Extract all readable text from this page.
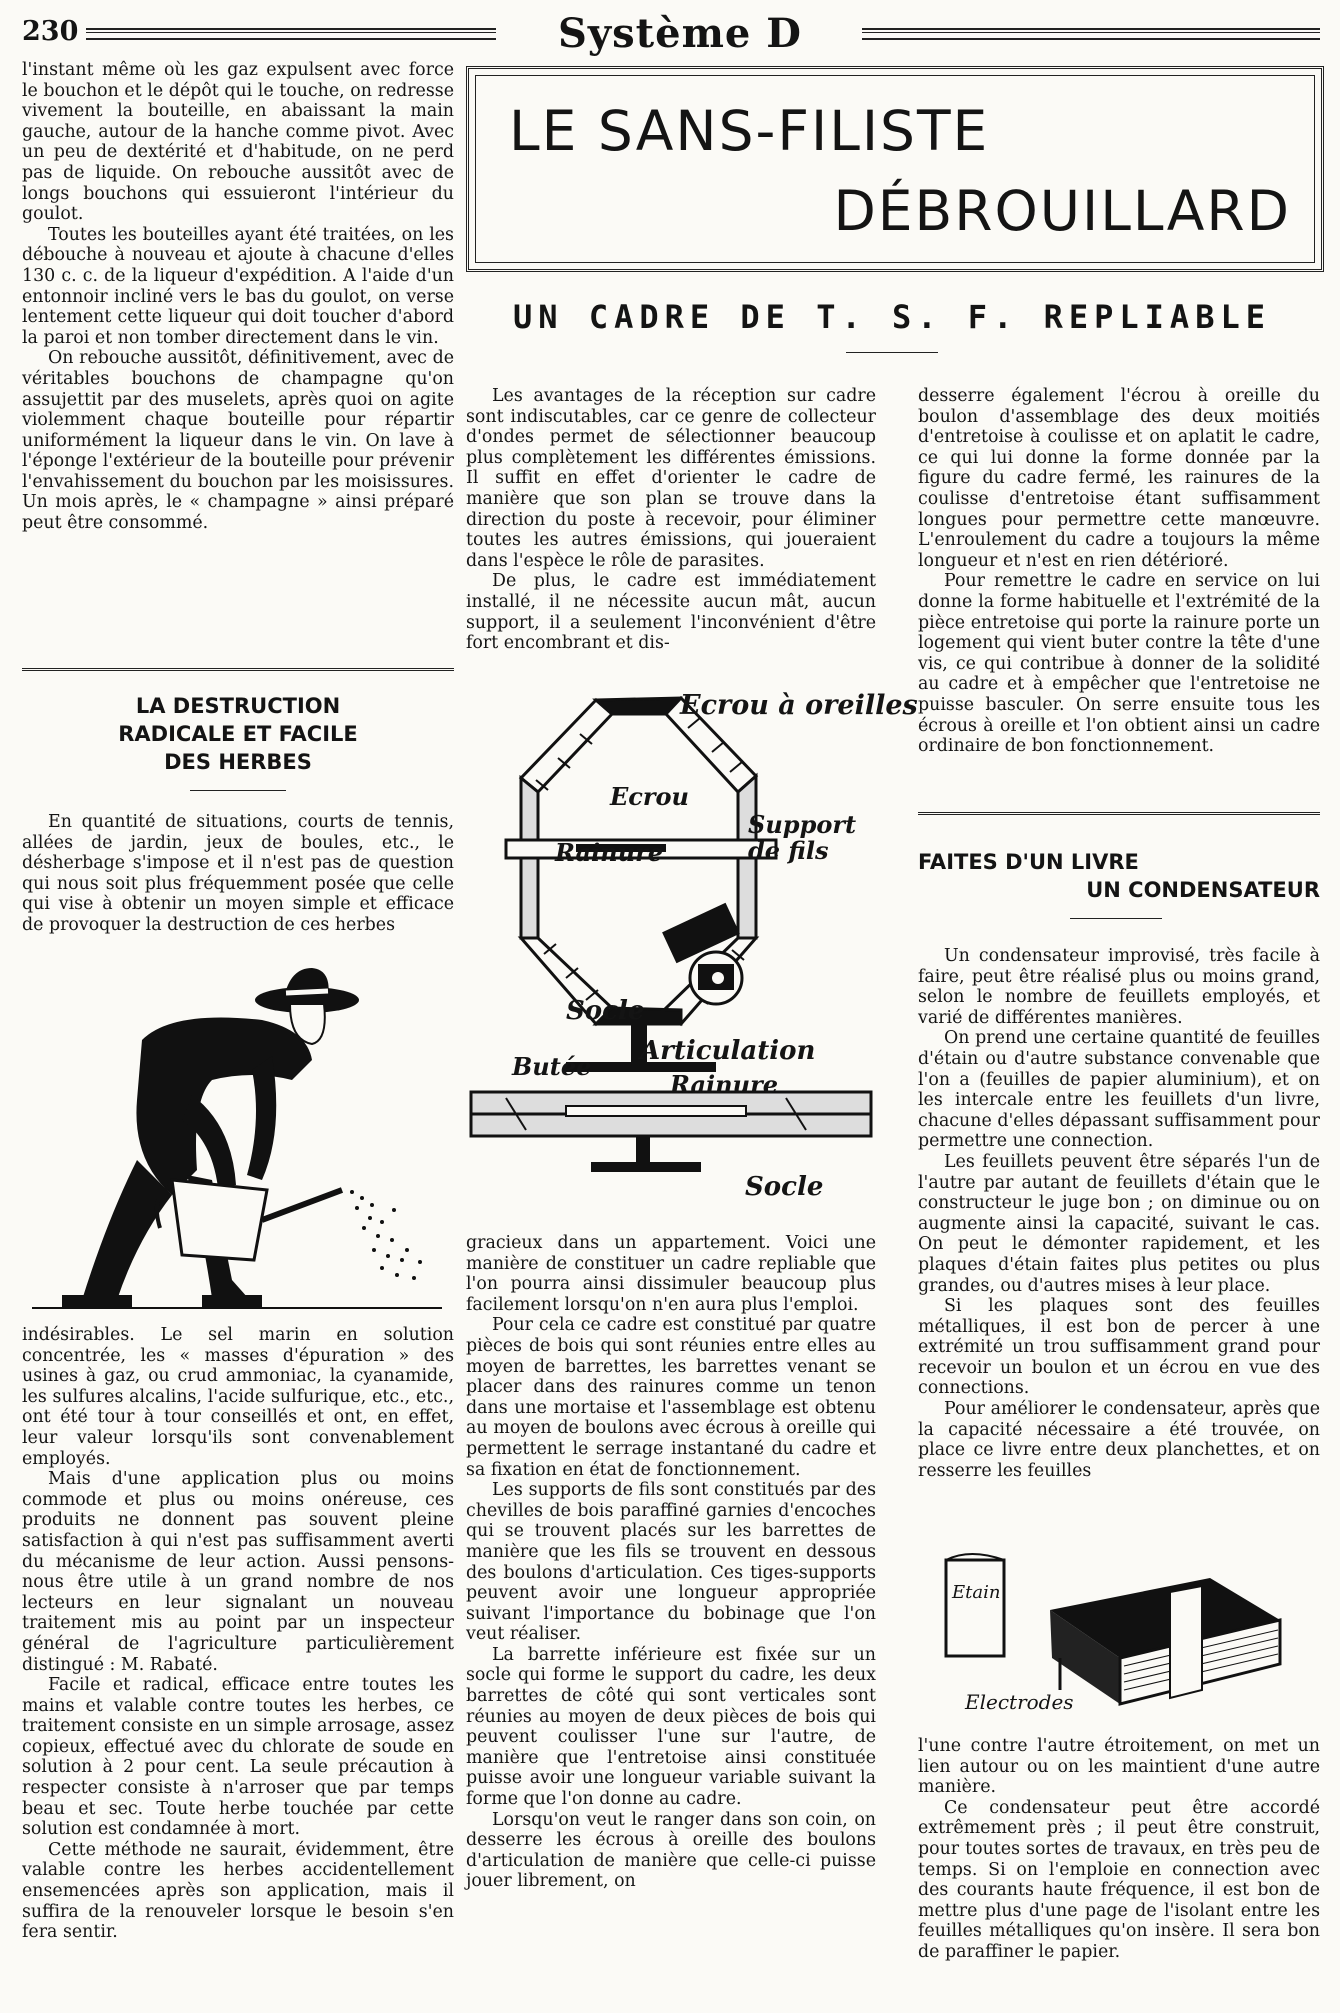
230	Système D

l'instant même où les gaz expulsent avec force le bouchon et le dépôt qui le touche, on redresse vivement la bouteille, en abaissant la main gauche, autour de la hanche comme pivot. Avec un peu de dextérité et d'habitude, on ne perd pas de liquide. On rebouche aussitôt avec de longs bouchons qui essuieront l'intérieur du goulot.

Toutes les bouteilles ayant été traitées, on les débouche à nouveau et ajoute à chacune d'elles 130 c. c. de la liqueur d'expédition. A l'aide d'un entonnoir incliné vers le bas du goulot, on verse lentement cette liqueur qui doit toucher d'abord la paroi et non tomber directement dans le vin.

On rebouche aussitôt, définitivement, avec de véritables bouchons de champagne qu'on assujettit par des muselets, après quoi on agite violemment chaque bouteille pour répartir uniformément la liqueur dans le vin. On lave à l'éponge l'extérieur de la bouteille pour prévenir l'envahissement du bouchon par les moisissures. Un mois après, le « champagne » ainsi préparé peut être consommé.

LA DESTRUCTION
RADICALE ET FACILE
DES HERBES

En quantité de situations, courts de tennis, allées de jardin, jeux de boules, etc., le désherbage s'impose et il n'est pas de question qui nous soit plus fréquemment posée que celle qui vise à obtenir un moyen simple et efficace de provoquer la destruction de ces herbes

indésirables. Le sel marin en solution concentrée, les « masses d'épuration » des usines à gaz, ou crud ammoniac, la cyanamide, les sulfures alcalins, l'acide sulfurique, etc., etc., ont été tour à tour conseillés et ont, en effet, leur valeur lorsqu'ils sont convenablement employés.

Mais d'une application plus ou moins commode et plus ou moins onéreuse, ces produits ne donnent pas souvent pleine satisfaction à qui n'est pas suffisamment averti du mécanisme de leur action. Aussi pensons-nous être utile à un grand nombre de nos lecteurs en leur signalant un nouveau traitement mis au point par un inspecteur général de l'agriculture particulièrement distingué : M. Rabaté.

Facile et radical, efficace entre toutes les mains et valable contre toutes les herbes, ce traitement consiste en un simple arrosage, assez copieux, effectué avec du chlorate de soude en solution à 2 pour cent. La seule précaution à respecter consiste à n'arroser que par temps beau et sec. Toute herbe touchée par cette solution est condamnée à mort.

Cette méthode ne saurait, évidemment, être valable contre les herbes accidentellement ensemencées après son application, mais il suffira de la renouveler lorsque le besoin s'en fera sentir.

LE SANS-FILISTE
DÉBROUILLARD
UN CADRE DE T. S. F. REPLIABLE

Les avantages de la réception sur cadre sont indiscutables, car ce genre de collecteur d'ondes permet de sélectionner beaucoup plus complètement les différentes émissions. Il suffit en effet d'orienter le cadre de manière que son plan se trouve dans la direction du poste à recevoir, pour éliminer toutes les autres émissions, qui joueraient dans l'espèce le rôle de parasites.

De plus, le cadre est immédiatement installé, il ne nécessite aucun mât, aucun support, il a seulement l'inconvénient d'être fort encombrant et dis-

Ecrou à oreilles
Ecrou
Support de fils
Rainure
Socle
Articulation
Butée
Rainure
Socle

gracieux dans un appartement. Voici une manière de constituer un cadre repliable que l'on pourra ainsi dissimuler beaucoup plus facilement lorsqu'on n'en aura plus l'emploi.

Pour cela ce cadre est constitué par quatre pièces de bois qui sont réunies entre elles au moyen de barrettes, les barrettes venant se placer dans des rainures comme un tenon dans une mortaise et l'assemblage est obtenu au moyen de boulons avec écrous à oreille qui permettent le serrage instantané du cadre et sa fixation en état de fonctionnement.

Les supports de fils sont constitués par des chevilles de bois paraffiné garnies d'encoches qui se trouvent placés sur les barrettes de manière que les fils se trouvent en dessous des boulons d'articulation. Ces tiges-supports peuvent avoir une longueur appropriée suivant l'importance du bobinage que l'on veut réaliser.

La barrette inférieure est fixée sur un socle qui forme le support du cadre, les deux barrettes de côté qui sont verticales sont réunies au moyen de deux pièces de bois qui peuvent coulisser l'une sur l'autre, de manière que l'entretoise ainsi constituée puisse avoir une longueur variable suivant la forme que l'on donne au cadre.

Lorsqu'on veut le ranger dans son coin, on desserre les écrous à oreille des boulons d'articulation de manière que celle-ci puisse jouer librement, on

desserre également l'écrou à oreille du boulon d'assemblage des deux moitiés d'entretoise à coulisse et on aplatit le cadre, ce qui lui donne la forme donnée par la figure du cadre fermé, les rainures de la coulisse d'entretoise étant suffisamment longues pour permettre cette manœuvre. L'enroulement du cadre a toujours la même longueur et n'est en rien détérioré.

Pour remettre le cadre en service on lui donne la forme habituelle et l'extrémité de la pièce entretoise qui porte la rainure porte un logement qui vient buter contre la tête d'une vis, ce qui contribue à donner de la solidité au cadre et à empêcher que l'entretoise ne puisse basculer. On serre ensuite tous les écrous à oreille et l'on obtient ainsi un cadre ordinaire de bon fonctionnement.

FAITES D'UN LIVRE
UN CONDENSATEUR

Un condensateur improvisé, très facile à faire, peut être réalisé plus ou moins grand, selon le nombre de feuillets employés, et varié de différentes manières.

On prend une certaine quantité de feuilles d'étain ou d'autre substance convenable que l'on a (feuilles de papier aluminium), et on les intercale entre les feuillets d'un livre, chacune d'elles dépassant suffisamment pour permettre une connection.

Les feuillets peuvent être séparés l'un de l'autre par autant de feuillets d'étain que le constructeur le juge bon ; on diminue ou on augmente ainsi la capacité, suivant le cas. On peut le démonter rapidement, et les plaques d'étain faites plus petites ou plus grandes, ou d'autres mises à leur place.

Si les plaques sont des feuilles métalliques, il est bon de percer à une extrémité un trou suffisamment grand pour recevoir un boulon et un écrou en vue des connections.

Pour améliorer le condensateur, après que la capacité nécessaire a été trouvée, on place ce livre entre deux planchettes, et on resserre les feuilles

Etain
Electrodes

l'une contre l'autre étroitement, on met un lien autour ou on les maintient d'une autre manière.

Ce condensateur peut être accordé extrêmement près ; il peut être construit, pour toutes sortes de travaux, en très peu de temps. Si on l'emploie en connection avec des courants haute fréquence, il est bon de mettre plus d'une page de l'isolant entre les feuilles métalliques qu'on insère. Il sera bon de paraffiner le papier.
